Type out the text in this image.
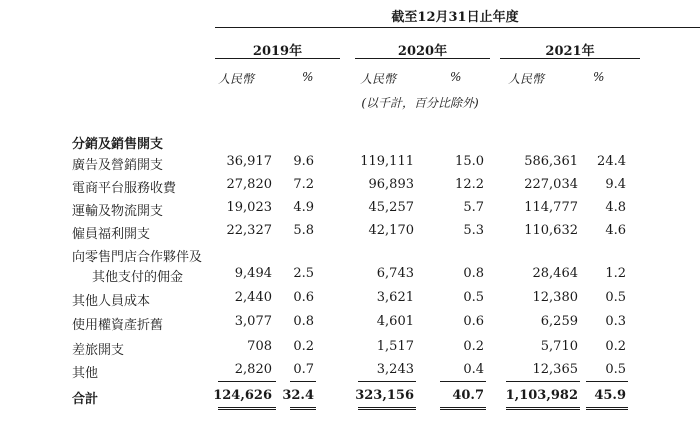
截至12月31日止年度
2019年	2020年	2021年
人民幣	%	人民幣	%	人民幣	%
(以千計，百分比除外)
分銷及銷售開支
廣告及營銷開支	36,917 9.6	119,111	15.0	586,361 24.4
電商平台服務收費	27,820 7.2	96,893	12.2	227,034 9.4
運輸及物流開支	19,023 4.9	45,257	5.7	114,777 4.8
僱員福利開支	22,327 5.8	42,170	5.3	110,632 4.6
向零售門店合作夥伴及
其他支付的佣金	9,494 2.5	6,743	0.8	28,464 1.2
其他人員成本	2,440 0.6	3,621	0.5	12,380 0.5
使用權資產折舊	3,077 0.8	4,601	0.6	6,259 0.3
差旅開支	708 0.2	1,517	0.2	5,710 0.2
其他	2,820 0.7	3,243	0.4	12,365 0.5
合計	124,626 32.4	323,156	40.7 1,103,982 45.9
